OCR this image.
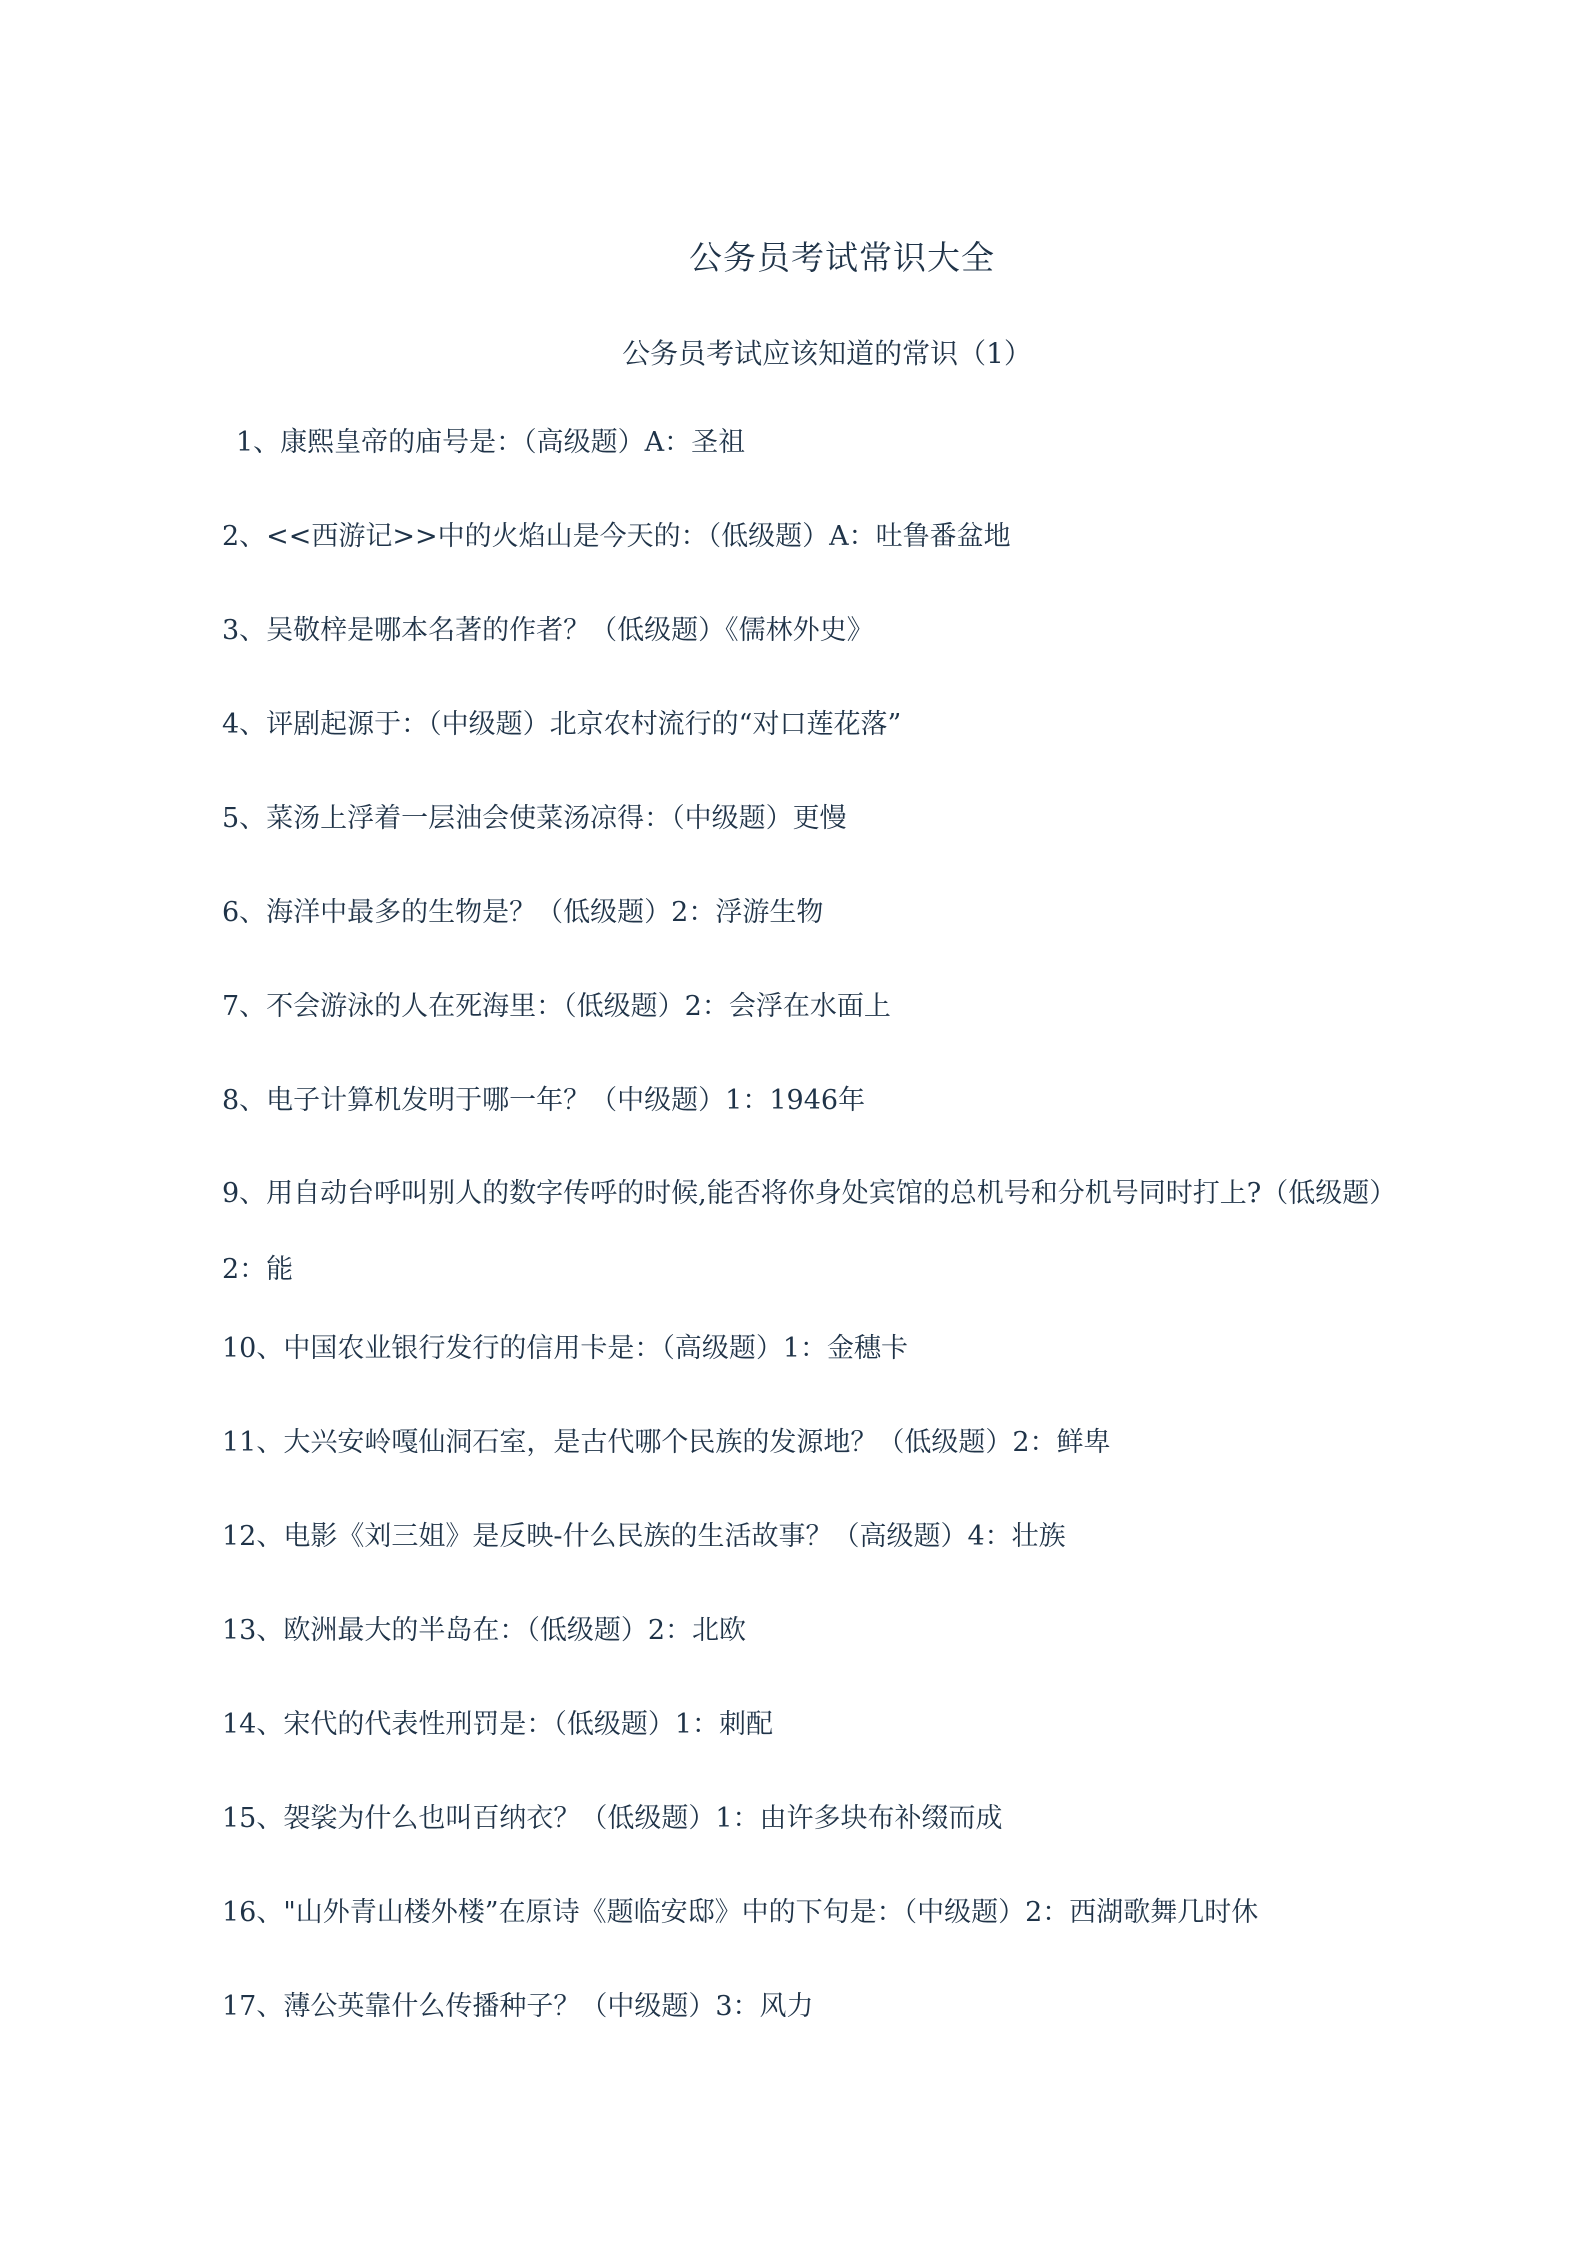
公务员考试常识大全
公务员考试应该知道的常识（1）
1、康熙皇帝的庙号是：（高级题）A：圣祖
2、<<西游记>>中的火焰山是今天的：（低级题）A：吐鲁番盆地
3、吴敬梓是哪本名著的作者？（低级题）《儒林外史》
4、评剧起源于：（中级题）北京农村流行的“对口莲花落”
5、菜汤上浮着一层油会使菜汤凉得：（中级题）更慢
6、海洋中最多的生物是？（低级题）2：浮游生物
7、不会游泳的人在死海里：（低级题）2：会浮在水面上
8、电子计算机发明于哪一年？（中级题）1：1946年
9、用自动台呼叫别人的数字传呼的时候,能否将你身处宾馆的总机号和分机号同时打上?（低级题）2：能
10、中国农业银行发行的信用卡是：（高级题）1：金穗卡
11、大兴安岭嘎仙洞石室，是古代哪个民族的发源地？（低级题）2：鲜卑
12、电影《刘三姐》是反映-什么民族的生活故事？（高级题）4：壮族
13、欧洲最大的半岛在：（低级题）2：北欧
14、宋代的代表性刑罚是：（低级题）1：刺配
15、袈裟为什么也叫百纳衣？（低级题）1：由许多块布补缀而成
16、"山外青山楼外楼”在原诗《题临安邸》中的下句是：（中级题）2：西湖歌舞几时休
17、薄公英靠什么传播种子？（中级题）3：风力
